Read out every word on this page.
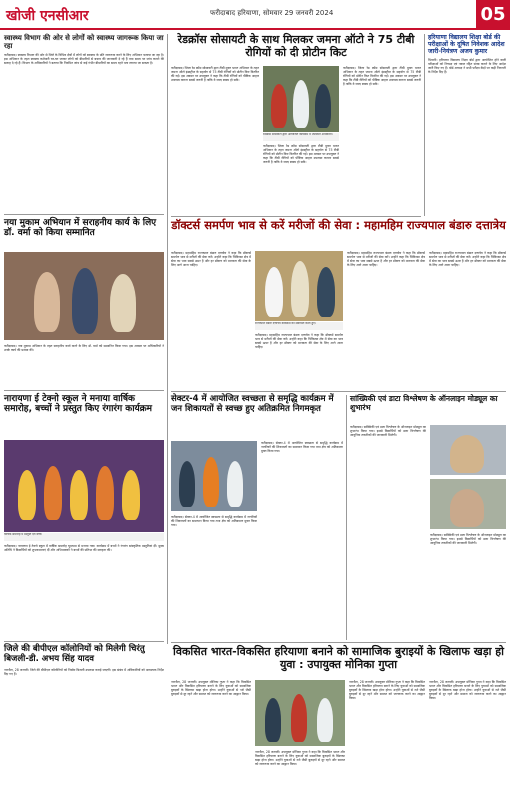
खोजी एनसीआर	फरीदाबाद हरियाणा, सोमवार 29 जनवरी 2024	05
स्वास्थ्य विभाग की ओर से लोगों को स्वास्थ्य जागरूक किया जा रहा
फरीदाबाद। स्वास्थ्य विभाग की ओर से जिले के विभिन्न क्षेत्रों में लोगों को स्वास्थ्य के प्रति जागरूक करने के लिए अभियान चलाया जा रहा है। इस अभियान के तहत स्वास्थ्य कर्मचारी घर-घर जाकर लोगों को बीमारियों से बचाव की जानकारी दे रहे हैं तथा समय पर जांच कराने की सलाह दे रहे हैं। विभाग के अधिकारियों ने बताया कि नियमित जांच से कई गंभीर बीमारियों का समय रहते पता लगाया जा सकता है।
नया मुकाम अभियान में सराहनीय कार्य के लिए डॉ. वर्मा को किया सम्मानित
फरीदाबाद। नया मुकाम अभियान के तहत सराहनीय कार्य करने के लिए डॉ. वर्मा को सम्मानित किया गया। इस अवसर पर अधिकारियों ने उनके कार्य की प्रशंसा की।
नारायणा ई टेक्नो स्कूल ने मनाया वार्षिक समारोह, बच्चों ने प्रस्तुत किए रंगारंग कार्यक्रम
वार्षिक समारोह में प्रस्तुति देते बच्चे।
फरीदाबाद। नारायणा ई टेक्नो स्कूल में वार्षिक समारोह धूमधाम से मनाया गया। कार्यक्रम में बच्चों ने रंगारंग सांस्कृतिक प्रस्तुतियां दीं। मुख्य अतिथि ने विद्यार्थियों को शुभकामनाएं दीं और अभिभावकों ने बच्चों की प्रतिभा की सराहना की।
जिले की बीपीएल कॉलोनियों को मिलेगी चिरंतु बिजली-डी. अभय सिंह यादव
नारनौल, 28 जनवरी। जिले की बीपीएल कॉलोनियों को निर्बाध बिजली उपलब्ध कराई जाएगी। इस संबंध में अधिकारियों को आवश्यक निर्देश दिए गए हैं।
रेडक्रॉस सोसायटी के साथ मिलकर जमना ऑटो ने 75 टीबी रोगियों को दी प्रोटीन किट
फरीदाबाद। जिला रेड क्रॉस सोसायटी द्वारा टीबी मुक्त भारत अभियान के तहत जमना ऑटो इंडस्ट्रीज के सहयोग से 75 टीबी रोगियों को प्रोटीन किट वितरित की गई। इस अवसर पर उपायुक्त ने कहा कि टीबी रोगियों को पौष्टिक आहार उपलब्ध कराना सबसे जरूरी है ताकि वे जल्द स्वस्थ हो सकें।
रेडक्रॉस सोसायटी द्वारा आयोजित कार्यक्रम में उपस्थित अधिकारी।
फरीदाबाद। जिला रेड क्रॉस सोसायटी द्वारा टीबी मुक्त भारत अभियान के तहत जमना ऑटो इंडस्ट्रीज के सहयोग से 75 टीबी रोगियों को प्रोटीन किट वितरित की गई। इस अवसर पर उपायुक्त ने कहा कि टीबी रोगियों को पौष्टिक आहार उपलब्ध कराना सबसे जरूरी है ताकि वे जल्द स्वस्थ हो सकें।
फरीदाबाद। जिला रेड क्रॉस सोसायटी द्वारा टीबी मुक्त भारत अभियान के तहत जमना ऑटो इंडस्ट्रीज के सहयोग से 75 टीबी रोगियों को प्रोटीन किट वितरित की गई। इस अवसर पर उपायुक्त ने कहा कि टीबी रोगियों को पौष्टिक आहार उपलब्ध कराना सबसे जरूरी है ताकि वे जल्द स्वस्थ हो सकें।
डॉक्टर्स समर्पण भाव से करें मरीजों की सेवा : महामहिम राज्यपाल बंडारु दत्तात्रेय
फरीदाबाद। महामहिम राज्यपाल बंडारु दत्तात्रेय ने कहा कि डॉक्टर्स समर्पण भाव से मरीजों की सेवा करें। उन्होंने कहा कि चिकित्सा क्षेत्र में सेवा का भाव सबसे ऊपर है और हर डॉक्टर को मानवता की सेवा के लिए आगे आना चाहिए।
राज्यपाल बंडारु दत्तात्रेय कार्यक्रम को संबोधित करते हुए।
फरीदाबाद। महामहिम राज्यपाल बंडारु दत्तात्रेय ने कहा कि डॉक्टर्स समर्पण भाव से मरीजों की सेवा करें। उन्होंने कहा कि चिकित्सा क्षेत्र में सेवा का भाव सबसे ऊपर है और हर डॉक्टर को मानवता की सेवा के लिए आगे आना चाहिए।
फरीदाबाद। महामहिम राज्यपाल बंडारु दत्तात्रेय ने कहा कि डॉक्टर्स समर्पण भाव से मरीजों की सेवा करें। उन्होंने कहा कि चिकित्सा क्षेत्र में सेवा का भाव सबसे ऊपर है और हर डॉक्टर को मानवता की सेवा के लिए आगे आना चाहिए।
फरीदाबाद। महामहिम राज्यपाल बंडारु दत्तात्रेय ने कहा कि डॉक्टर्स समर्पण भाव से मरीजों की सेवा करें। उन्होंने कहा कि चिकित्सा क्षेत्र में सेवा का भाव सबसे ऊपर है और हर डॉक्टर को मानवता की सेवा के लिए आगे आना चाहिए।
सेक्टर-4 में आयोजित स्वच्छता से समृद्धि कार्यक्रम में जन शिकायतों से स्वच्छ हुए अतिक्रमित निगमकृत
फरीदाबाद। सेक्टर-4 में आयोजित स्वच्छता से समृद्धि कार्यक्रम में नागरिकों की शिकायतों का समाधान किया गया तथा क्षेत्र को अतिक्रमण मुक्त किया गया।
फरीदाबाद। सेक्टर-4 में आयोजित स्वच्छता से समृद्धि कार्यक्रम में नागरिकों की शिकायतों का समाधान किया गया तथा क्षेत्र को अतिक्रमण मुक्त किया गया।
सांख्यिकी एवं डाटा विश्लेषण के ऑनलाइन मोड्यूल का शुभारंभ
फरीदाबाद। सांख्यिकी एवं डाटा विश्लेषण के ऑनलाइन मोड्यूल का शुभारंभ किया गया। इससे विद्यार्थियों को डाटा विश्लेषण की आधुनिक तकनीकों की जानकारी मिलेगी।
फरीदाबाद। सांख्यिकी एवं डाटा विश्लेषण के ऑनलाइन मोड्यूल का शुभारंभ किया गया। इससे विद्यार्थियों को डाटा विश्लेषण की आधुनिक तकनीकों की जानकारी मिलेगी।
हरियाणा विद्यालय शिक्षा बोर्ड की परीक्षाओं के दूषित निवेशक आदेश जारी-नियंत्रण अजय कुमार
भिवानी। हरियाणा विद्यालय शिक्षा बोर्ड द्वारा आयोजित होने वाली परीक्षाओं को निष्पक्ष एवं नकल रहित संपन्न कराने के लिए आदेश जारी किए गए हैं। बोर्ड अध्यक्ष ने सभी परीक्षा केंद्रों पर कड़ी निगरानी के निर्देश दिए हैं।
विकसित भारत-विकसित हरियाणा बनाने को सामाजिक बुराइयों के खिलाफ खड़ा हो युवा : उपायुक्त मोनिका गुप्ता
नारनौल, 28 जनवरी। उपायुक्त मोनिका गुप्ता ने कहा कि विकसित भारत और विकसित हरियाणा बनाने के लिए युवाओं को सामाजिक बुराइयों के खिलाफ खड़ा होना होगा। उन्होंने युवाओं से नशे जैसी बुराइयों से दूर रहने और समाज को जागरूक करने का आह्वान किया।
नारनौल, 28 जनवरी। उपायुक्त मोनिका गुप्ता ने कहा कि विकसित भारत और विकसित हरियाणा बनाने के लिए युवाओं को सामाजिक बुराइयों के खिलाफ खड़ा होना होगा। उन्होंने युवाओं से नशे जैसी बुराइयों से दूर रहने और समाज को जागरूक करने का आह्वान किया।
नारनौल, 28 जनवरी। उपायुक्त मोनिका गुप्ता ने कहा कि विकसित भारत और विकसित हरियाणा बनाने के लिए युवाओं को सामाजिक बुराइयों के खिलाफ खड़ा होना होगा। उन्होंने युवाओं से नशे जैसी बुराइयों से दूर रहने और समाज को जागरूक करने का आह्वान किया।
नारनौल, 28 जनवरी। उपायुक्त मोनिका गुप्ता ने कहा कि विकसित भारत और विकसित हरियाणा बनाने के लिए युवाओं को सामाजिक बुराइयों के खिलाफ खड़ा होना होगा। उन्होंने युवाओं से नशे जैसी बुराइयों से दूर रहने और समाज को जागरूक करने का आह्वान किया।
